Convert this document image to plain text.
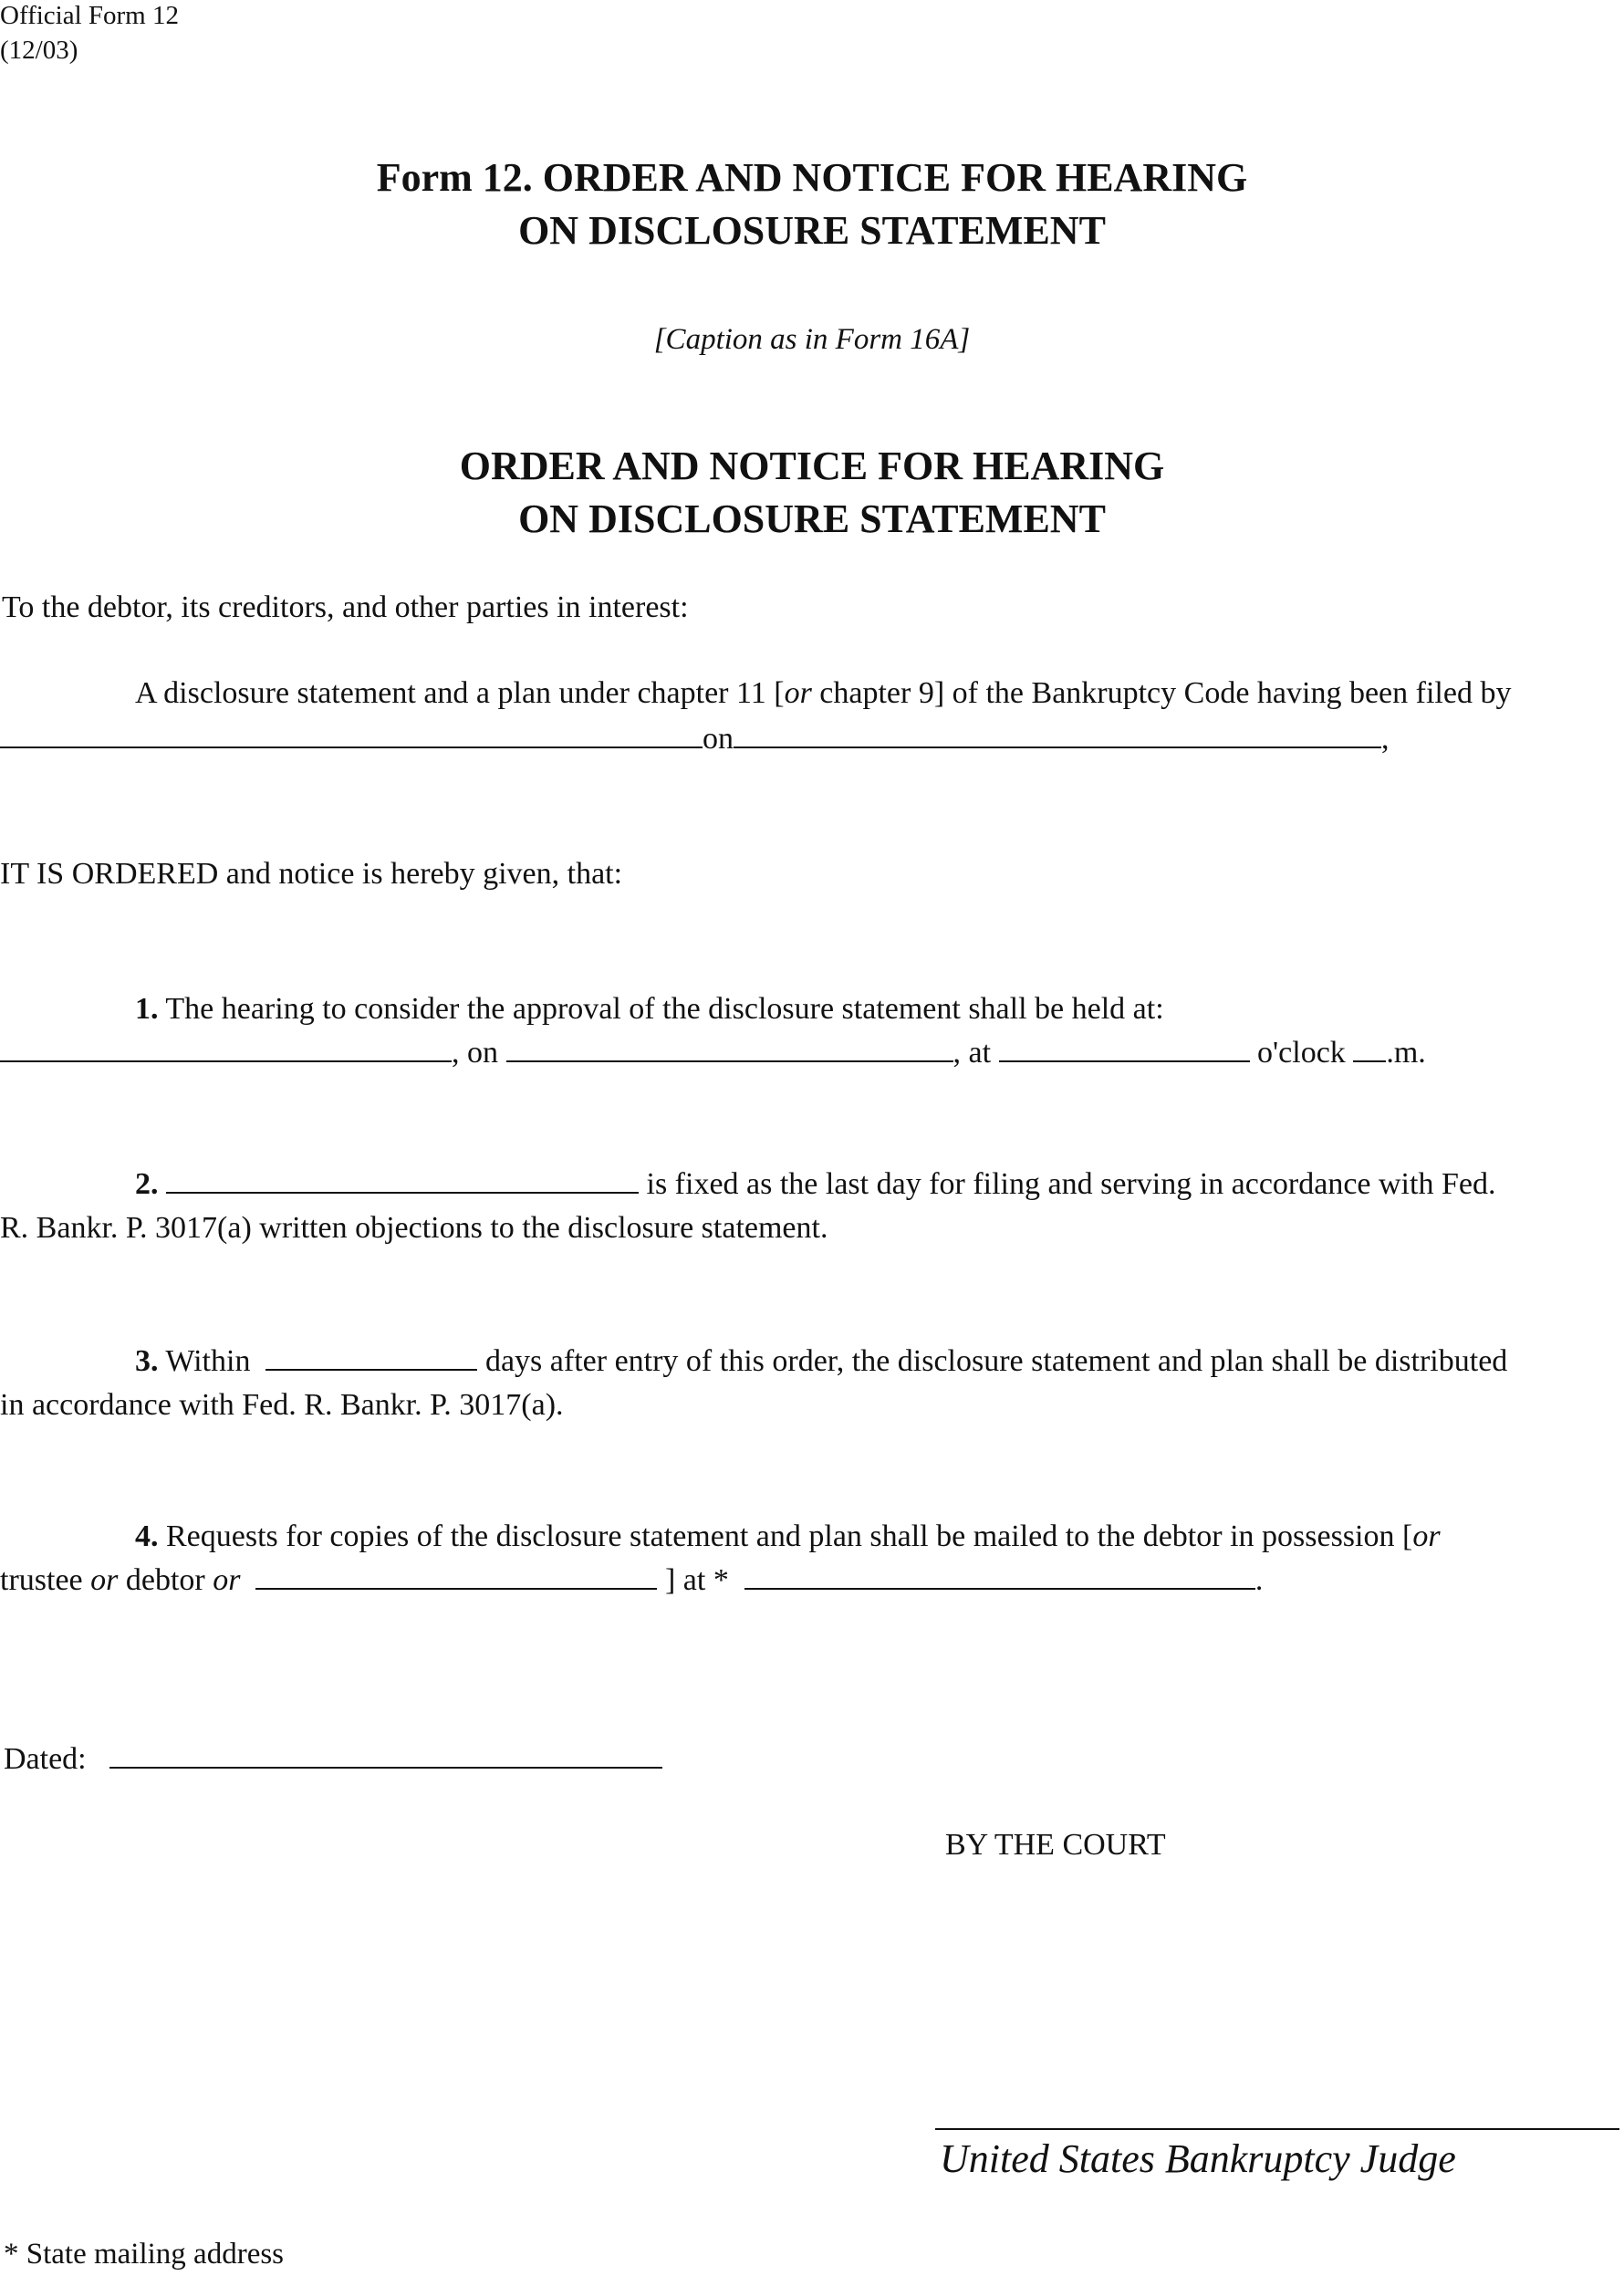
Official Form 12
(12/03)
Form 12. ORDER AND NOTICE FOR HEARING
ON DISCLOSURE STATEMENT
[Caption as in Form 16A]
ORDER AND NOTICE FOR HEARING
ON DISCLOSURE STATEMENT
To the debtor, its creditors, and other parties in interest:
A disclosure statement and a plan under chapter 11 [or chapter 9] of the Bankruptcy Code having been filed by
on	,
IT IS ORDERED and notice is hereby given, that:
1. The hearing to consider the approval of the disclosure statement shall be held at:
, on	, at	o'clock .m.
2.	is fixed as the last day for filing and serving in accordance with Fed.
R. Bankr. P. 3017(a) written objections to the disclosure statement.
3. Within	days after entry of this order, the disclosure statement and plan shall be distributed
in accordance with Fed. R. Bankr. P. 3017(a).
4. Requests for copies of the disclosure statement and plan shall be mailed to the debtor in possession [or
trustee or debtor or	] at *	.
Dated:
BY THE COURT
United States Bankruptcy Judge
* State mailing address
